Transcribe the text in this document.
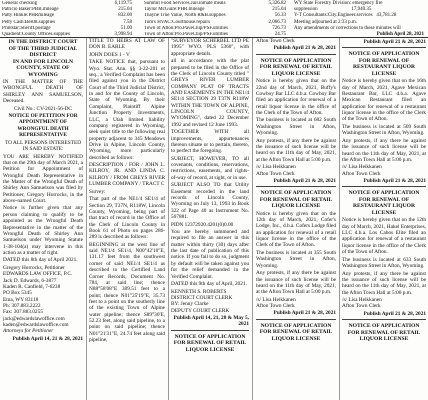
General checking	6,119.75
Patricio Baker:PBB.mileage	215.04
Patty Hinkle:PHRmileage	832.00
Petty Cash:Bes08.supplies	7.58
Printstar:Sheriff.postage	51.00
Quadient:County Offices.supplies	3,998.94
Summit Food Services.Jail.inmate meals	5,326.82
Taylor McGuire:PHR.mileage	215.04
Thayne True Value, North R&B.supplies	56.33
Tom's HVAC:Courthouse.repairs	2,066.73
Town of Afton:Pro.PaveChip/PSF.utilities	726.73
Town of Afton:Pro.PaveChip/PSF.utilities	24.75
WY State Forestry Division: emergency fire
suppression                           17,940.35
Y-T Consultants:City.Engineer.services   43,781.28
Meeting adjourned at 2:33 p.m.
Any amendments or corrections to these minutes will
Publish April 28, 2021
IN THE DISTRICT COURT
OF THE THIRD JUDICIAL
DISTRICT
IN AND FOR LINCOLN
COUNTY, STATE OF
WYOMING

IN THE MATTER OF THE WRONGFUL DEATH OF SHIRLEY ANN SAMUELSON, Deceased.

Civil No.: CV-2021-56-DC

NOTICE OF PETITION FOR APPOINTMENT OF WRONGFUL DEATH REPRESENTATIVE

TO ALL PERSONS INTERESTED IN SAID ESTATE:

YOU ARE HEREBY NOTIFIED that on the 29th day of March 2021, a Petition for Appointment of Wrongful Death Representative in the Matter of the Wrongful Death of Shirley Ann Samuelson was filed by Petitioner, Gregory Horrocks, in the above-named Court.

Notice is further given that any person claiming to qualify to be appointed as the Wrongful Death Representative in the matter of the Wrongful Death of Shirley Ann Samuelson under Wyoming Statute 1-38-104(a) may intervene in this action as a matter of right.

DATED this 8th day of April 2021.

Gregory Horrocks, Petitioner
EDWARDS LAW OFFICE, P.C.
Jack D. Edwards, 6-3877
Kaden R. Canfield, 7-6238
PO Box 5345
Etna, WY 83118
Ph: 307.883.2222
Fax: 307.883.0255
jack@edwardslawoffice.com
kaden@edwardslawoffice.com
Attorneys for Petitioner
Publish April 14, 21 & 28, 2021

TITLE TO HEIRS AT LAW OF DON B. EARLE

JOHN DOES 1 - V

TAKE NOTICE that, pursuant to Wyo. Stat. Ann. §§ 3-22-201 et seq., a Verified Complaint has been filed against you in the District Court of the Third Judicial District, in and for the County of Lincoln, State of Wyoming. By their Complaint, Plaintiff Alpine Junction Property Investments, LLC, a Utah limited liability company registered in Wyoming, seek quiet title to the following real property adjacent to 345 Meadows Drive in Alpine, Lincoln County, Wyoming, more particularly described as follows:

DESCRIPTION / FOR / JOHN L. KILROY, JR. AND LINDA C. KILROY / FROM GREYS RIVER LUMBER COMPANY / TRACT C

Survey:

That part of the NE1/4 SE1/4 of Section 29, T37N, R118W, Lincoln County, Wyoming, being part of that tract of record in the Office of the Clerk of Lincoln County in Book 61 of Photo on pages 286-289 is described as follows:

BEGINNING at the west line of said NE1/4 SE1/4, N00°42'10"E, 131.17 feet from the southwest corner of said NE1/4 SE1/4 as described to the Certified Land Corner Records, Document No. 784, at said line; thence N88°58'08"E 389.51 feet to a point; thence N01°25'19"E, 35.73 feet to a point on the southerly line of the existing Town of Alpine water pipeline; thence S89°30'E, 52.23 feet, along said pipeline, to a point on said pipeline; thence N01°21'31"E, 24.74 feet along said pipeline,

"SURVEYOR SCHERBEL LTD PE 1995" WYO. PLS 5360", with appropriate details.

all in accordance with the plat prepared to be filed in the Office of the Clerk of Lincoln County titled " GREYS RIVER LUMBER COMPANY PLAT OF TRACTS AND EASEMENTS IN THE NE1/4 SE1/4 SECTION 29 T37N R118W WITHIN THE TOWN OF ALPINE, LINCOLN COUNTY, WYOMING", dated 22 December 1992 and revised 12 June 1993.

TOGETHER WITH all improvements, appurtenances thereon situate or to pertain, thereto, to perfect the foregoing.

SUBJECT, HOWEVER, TO all covenants, conditions, reservations, restrictions, easements, and rights-of-way of record, at sight, or in use.

SUBJECT ALSO TO that Utility Easement recorded in the land records of Lincoln County, Wyoming on July 13, 1993 in Book 322 of Page 40 as Instrument No. 567881.

PIDN 12372920.4201(0)0.00

You are hereby summoned and required to file an answer in this matter within thirty (30) days after the last date of publication of this notice. If you fail to do so, judgment by default will be taken against you for the relief demanded in the Verified Complaint.

DATED this 9th day of April, 2021.

KENNETH S. ROBERTS
DISTRICT COURT CLERK
BY: Jenny Clarke
DEPUTY COURT CLERK
Publish April 14, 21, 28 & May 5, 2021
NOTICE OF APPLICATION
FOR RENEWAL OF RETAIL
LIQUOR LICENSE
Afton Town Clerk
Publish April 21 & 28, 2021
NOTICE OF APPLICATION
FOR RENEWAL OF RETAIL
LIQUOR LICENSE

Notice is hereby given that on the 22nd day of March, 2021, Buffy's Cowboy Bar LLC d.b.a. Cowboy Bar filed an application for renewal of a retail liquor license in the office of the Clerk of the Town of Afton.

The business is located at 682 South Washington Street in Afton, Wyoming.

Any protests, if any there be against the issuance of such license will be heard on the 11th day of May, 2021, at the Afton Town Hall at 5:00 p.m.

/s/ Lisa Heikkanen
Afton Town Clerk
Publish April 21 & 28, 2021
NOTICE OF APPLICATION
FOR RENEWAL OF RETAIL
LIQUOR LICENSE

Notice is hereby given that on the 12th day of March, 2021, Cofer's Lodge, Inc., d.b.a. Cofers Lodge filed an application for renewal of a retail liquor license in the office of the Clerk of the Town of Afton.

The business is located at 355 South Washington Street in Afton, Wyoming.

Any protests, if any there be against the issuance of such license will be heard on the 11th day of May, 2021, at the Afton Town Hall at 5:00 p.m.

/s/ Lisa Heikkanen
Afton Town Clerk
Publish April 21 & 28, 2021
NOTICE OF APPLICATION
FOR RENEWAL OF RETAIL
LIQUOR LICENSE
Publish April 21 & 28, 2021
NOTICE OF APPLICATION
FOR RENEWAL OF
RESTAURANT LIQUOR
LICENSE

Notice is hereby given that on the 16th day of March, 2021, Agave Mexican Restaurant Bar, LLC d.b.a. Agave Mexican Restaurant filed an application for renewal of a restaurant liquor license in the office of the Clerk of the Town of Afton.

The business is located at 509 South Washington Street in Afton, Wyoming.

Any protests, if any there be against the issuance of such license will be heard on the 11th day of May, 2021, at the Afton Town Hall at 5:00 p.m.

/s/ Lisa Heikkanen
Afton Town Clerk
Publish April 21 & 28, 2021
NOTICE OF APPLICATION
FOR RENEWAL OF
RESTAURANT LIQUOR
LICENSE

Notice is hereby given that on the 12th day of March, 2021, Hakel Enterprises, LLC d.b.a. Los Cabos Elite filed an application for renewal of a restaurant liquor license in the office of the Clerk of the Town of Afton.

The business is located at 633 South Washington Street in Afton, Wyoming.

Any protests, if any there be against the issuance of such license will be heard on the 11th day of May, 2021, at the Afton Town Hall at 5:00 p.m.

/s/ Lisa Heikkanen
Afton Town Clerk
Publish April 21 & 28, 2021
NOTICE OF APPLICATION
FOR RENEWAL OF RETAIL
LIQUOR LICENSE
